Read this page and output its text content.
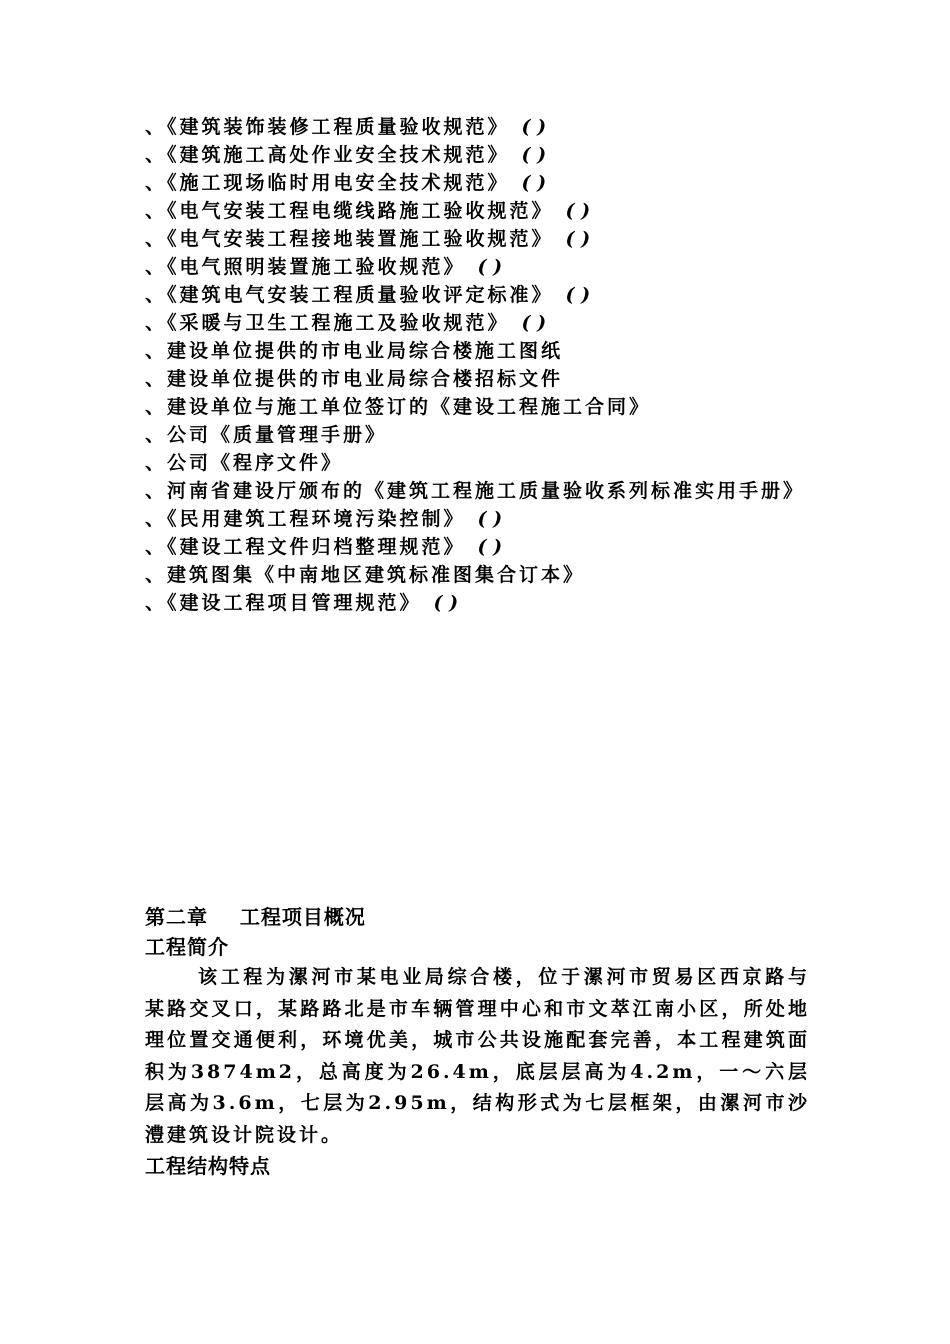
、《建筑装饰装修工程质量验收规范》 ( )
、《建筑施工高处作业安全技术规范》 ( )
、《施工现场临时用电安全技术规范》 ( )
、《电气安装工程电缆线路施工验收规范》 ( )
、《电气安装工程接地装置施工验收规范》 ( )
、《电气照明装置施工验收规范》 ( )
、《建筑电气安装工程质量验收评定标准》 ( )
、《采暖与卫生工程施工及验收规范》 ( )
、建设单位提供的市电业局综合楼施工图纸
、建设单位提供的市电业局综合楼招标文件
、建设单位与施工单位签订的《建设工程施工合同》
、公司《质量管理手册》
、公司《程序文件》
、河南省建设厅颁布的《建筑工程施工质量验收系列标准实用手册》
、《民用建筑工程环境污染控制》 ( )
、《建设工程文件归档整理规范》 ( )
、建筑图集《中南地区建筑标准图集合订本》
、《建设工程项目管理规范》 ( )
第二章    工程项目概况
工程简介
该工程为漯河市某电业局综合楼，位于漯河市贸易区西京路与某路交叉口，某路路北是市车辆管理中心和市文萃江南小区，所处地理位置交通便利，环境优美，城市公共设施配套完善，本工程建筑面积为3874m2，总高度为26.4m，底层层高为4.2m，一～六层层高为3.6m，七层为2.95m，结构形式为七层框架，由漯河市沙澧建筑设计院设计。
工程结构特点
